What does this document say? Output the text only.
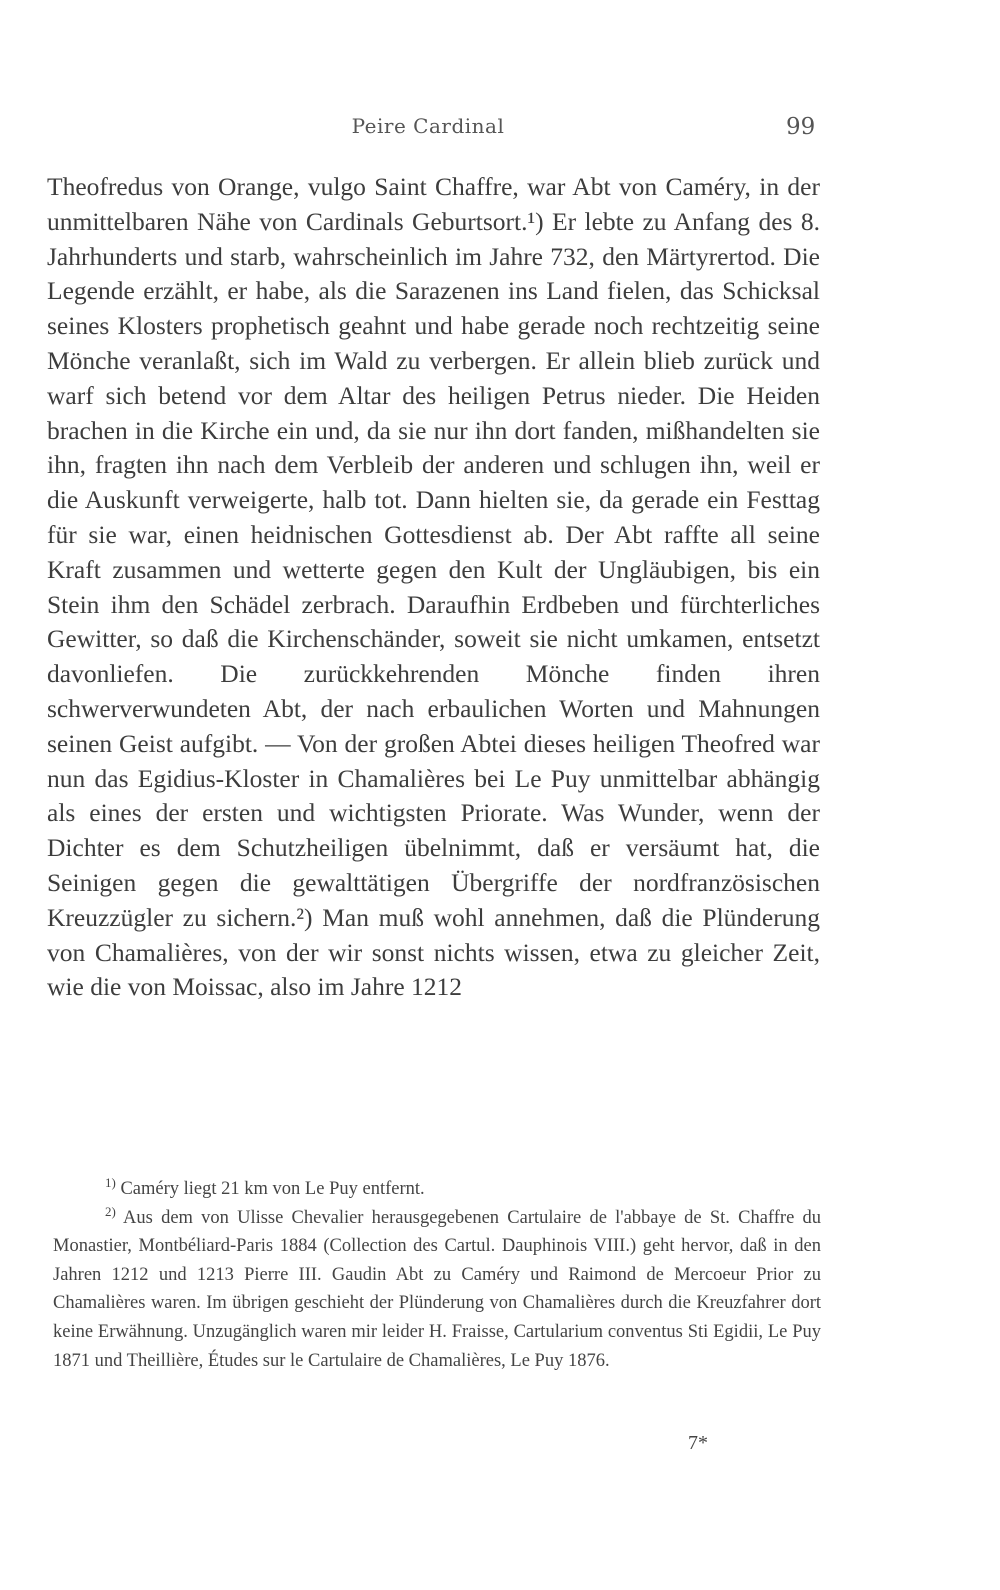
Peire Cardinal	99

Theofredus von Orange, vulgo Saint Chaffre, war Abt von Caméry, in der unmittelbaren Nähe von Cardinals Geburtsort.¹) Er lebte zu Anfang des 8. Jahrhunderts und starb, wahrscheinlich im Jahre 732, den Märtyrertod. Die Legende erzählt, er habe, als die Sarazenen ins Land fielen, das Schicksal seines Klosters prophetisch geahnt und habe gerade noch rechtzeitig seine Mönche veranlaßt, sich im Wald zu verbergen. Er allein blieb zurück und warf sich betend vor dem Altar des heiligen Petrus nieder. Die Heiden brachen in die Kirche ein und, da sie nur ihn dort fanden, mißhandelten sie ihn, fragten ihn nach dem Verbleib der anderen und schlugen ihn, weil er die Auskunft verweigerte, halb tot. Dann hielten sie, da gerade ein Festtag für sie war, einen heidnischen Gottesdienst ab. Der Abt raffte all seine Kraft zusammen und wetterte gegen den Kult der Ungläubigen, bis ein Stein ihm den Schädel zerbrach. Daraufhin Erdbeben und fürchterliches Gewitter, so daß die Kirchenschänder, soweit sie nicht umkamen, entsetzt davonliefen. Die zurückkehrenden Mönche finden ihren schwerverwundeten Abt, der nach erbaulichen Worten und Mahnungen seinen Geist aufgibt. — Von der großen Abtei dieses heiligen Theofred war nun das Egidius-Kloster in Chamalières bei Le Puy unmittelbar abhängig als eines der ersten und wichtigsten Priorate. Was Wunder, wenn der Dichter es dem Schutzheiligen übelnimmt, daß er versäumt hat, die Seinigen gegen die gewalttätigen Übergriffe der nordfranzösischen Kreuzzügler zu sichern.²) Man muß wohl annehmen, daß die Plünderung von Chamalières, von der wir sonst nichts wissen, etwa zu gleicher Zeit, wie die von Moissac, also im Jahre 1212

$^{1)}$ Caméry liegt 21 km von Le Puy entfernt.

$^{2)}$ Aus dem von Ulisse Chevalier herausgegebenen Cartulaire de l'abbaye de St. Chaffre du Monastier, Montbéliard-Paris 1884 (Collection des Cartul. Dauphinois VIII.) geht hervor, daß in den Jahren 1212 und 1213 Pierre III. Gaudin Abt zu Caméry und Raimond de Mercoeur Prior zu Chamalières waren. Im übrigen geschieht der Plünderung von Chamalières durch die Kreuzfahrer dort keine Erwähnung. Unzugänglich waren mir leider H. Fraisse, Cartularium conventus Sti Egidii, Le Puy 1871 und Theillière, Études sur le Cartulaire de Chamalières, Le Puy 1876.

7*
